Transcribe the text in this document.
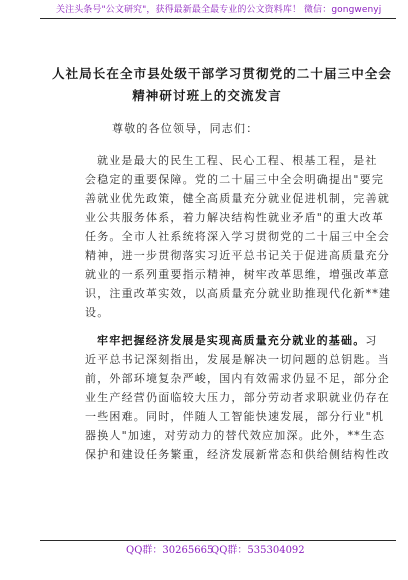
关注头条号"公文研究"，获得最新最全最专业的公文资料库！ 微信：gongwenyj
人社局长在全市县处级干部学习贯彻党的二十届三中全会
精神研讨班上的交流发言
尊敬的各位领导，同志们：
就业是最大的民生工程、民心工程、根基工程，是社
会稳定的重要保障。党的二十届三中全会明确提出"要完
善就业优先政策，健全高质量充分就业促进机制，完善就
业公共服务体系，着力解决结构性就业矛盾"的重大改革
任务。全市人社系统将深入学习贯彻党的二十届三中全会
精神，进一步贯彻落实习近平总书记关于促进高质量充分
就业的一系列重要指示精神，树牢改革思维，增强改革意
识，注重改革实效，以高质量充分就业助推现代化新**建
设。
牢牢把握经济发展是实现高质量充分就业的基础。习
近平总书记深刻指出，发展是解决一切问题的总钥匙。当
前，外部环境复杂严峻，国内有效需求仍显不足，部分企
业生产经营仍面临较大压力，部分劳动者求职就业仍存在
一些困难。同时，伴随人工智能快速发展，部分行业"机
器换人"加速，对劳动力的替代效应加深。此外，**生态
保护和建设任务繁重，经济发展新常态和供给侧结构性改
QQ群：30265665
QQ群：535304092
